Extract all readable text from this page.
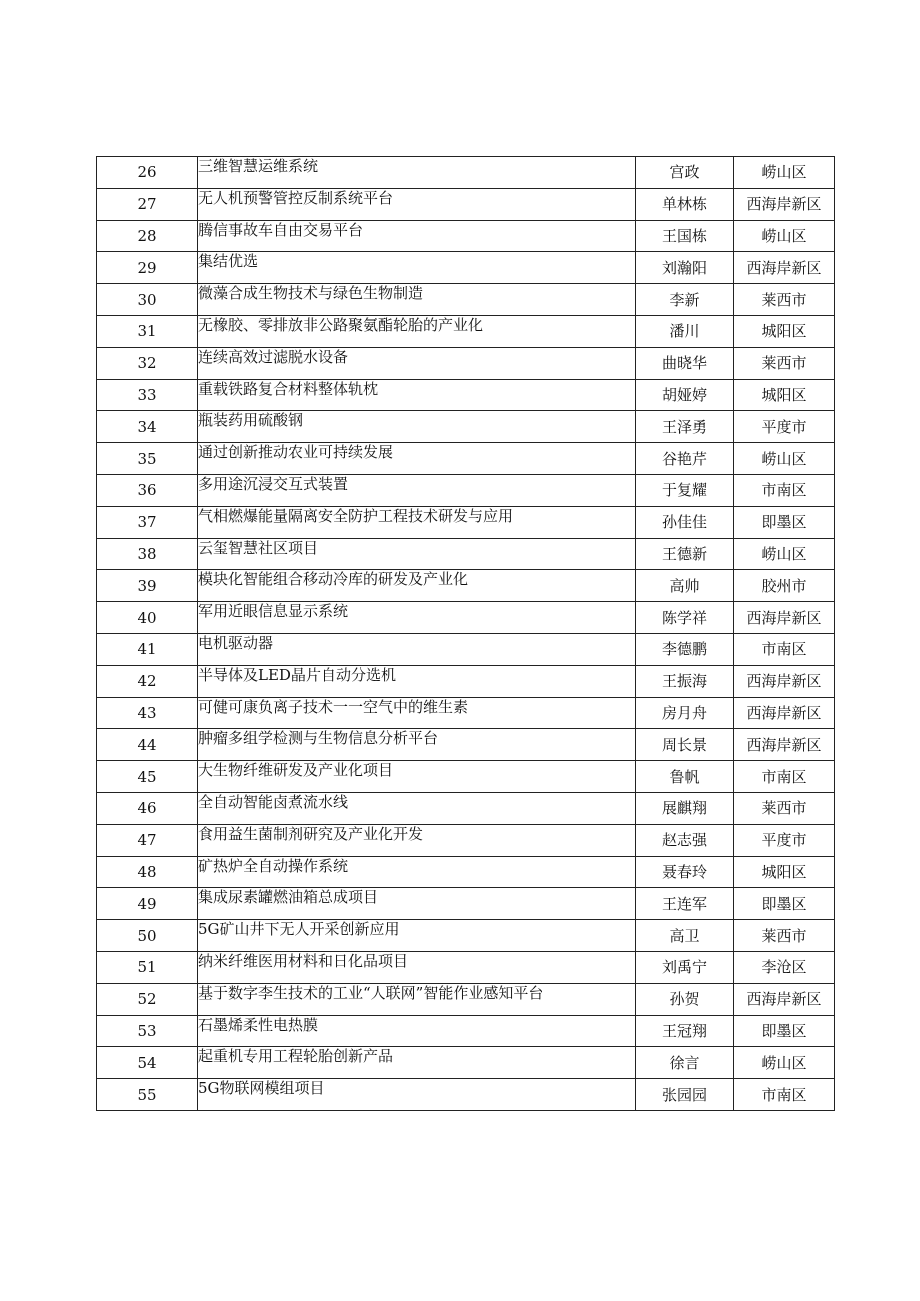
26	三维智慧运维系统	宫政	崂山区
27	无人机预警管控反制系统平台	单林栋	西海岸新区
28	腾信事故车自由交易平台	王国栋	崂山区
29	集结优选	刘瀚阳	西海岸新区
30	微藻合成生物技术与绿色生物制造	李新	莱西市
31	无橡胶、零排放非公路聚氨酯轮胎的产业化	潘川	城阳区
32	连续高效过滤脱水设备	曲晓华	莱西市
33	重载铁路复合材料整体轨枕	胡娅婷	城阳区
34	瓶装药用硫酸钢	王泽勇	平度市
35	通过创新推动农业可持续发展	谷艳芹	崂山区
36	多用途沉浸交互式装置	于复耀	市南区
37	气相燃爆能量隔离安全防护工程技术研发与应用	孙佳佳	即墨区
38	云玺智慧社区项目	王德新	崂山区
39	模块化智能组合移动冷库的研发及产业化	高帅	胶州市
40	军用近眼信息显示系统	陈学祥	西海岸新区
41	电机驱动器	李德鹏	市南区
42	半导体及LED晶片自动分选机	王振海	西海岸新区
43	可健可康负离子技术一一空气中的维生素	房月舟	西海岸新区
44	肿瘤多组学检测与生物信息分析平台	周长景	西海岸新区
45	大生物纤维研发及产业化项目	鲁帆	市南区
46	全自动智能卤煮流水线	展麒翔	莱西市
47	食用益生菌制剂研究及产业化开发	赵志强	平度市
48	矿热炉全自动操作系统	聂春玲	城阳区
49	集成尿素罐燃油箱总成项目	王连军	即墨区
50	5G矿山井下无人开采创新应用	高卫	莱西市
51	纳米纤维医用材料和日化品项目	刘禹宁	李沧区
52	基于数字李生技术的工业“人联网”智能作业感知平台	孙贺	西海岸新区
53	石墨烯柔性电热膜	王冠翔	即墨区
54	起重机专用工程轮胎创新产品	徐言	崂山区
55	5G物联网模组项目	张园园	市南区
